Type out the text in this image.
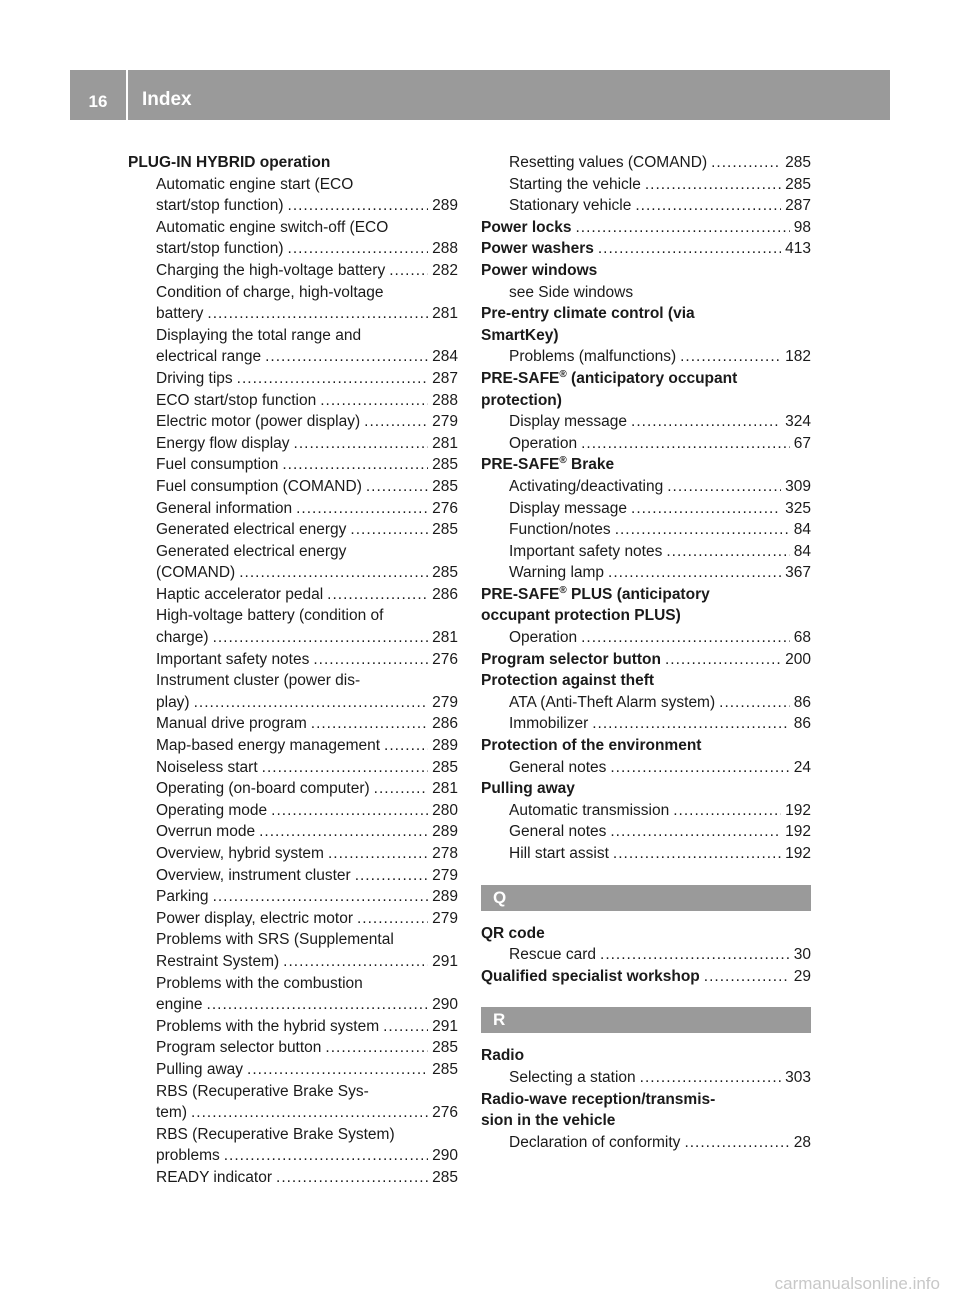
16	Index
PLUG-IN HYBRID operation
Automatic engine start (ECO
start/stop function) .....	289
Automatic engine switch-off (ECO
start/stop function) .....	288
Charging the high-voltage battery .....	282
Condition of charge, high-voltage
battery .....	281
Displaying the total range and
electrical range .....	284
Driving tips .....	287
ECO start/stop function .....	288
Electric motor (power display) .....	279
Energy flow display .....	281
Fuel consumption .....	285
Fuel consumption (COMAND) .....	285
General information .....	276
Generated electrical energy .....	285
Generated electrical energy
(COMAND) .....	285
Haptic accelerator pedal .....	286
High-voltage battery (condition of
charge) .....	281
Important safety notes .....	276
Instrument cluster (power dis-
play) .....	279
Manual drive program .....	286
Map-based energy management .....	289
Noiseless start .....	285
Operating (on-board computer) .....	281
Operating mode .....	280
Overrun mode .....	289
Overview, hybrid system .....	278
Overview, instrument cluster .....	279
Parking .....	289
Power display, electric motor .....	279
Problems with SRS (Supplemental
Restraint System) .....	291
Problems with the combustion
engine .....	290
Problems with the hybrid system .....	291
Program selector button .....	285
Pulling away .....	285
RBS (Recuperative Brake Sys-
tem) .....	276
RBS (Recuperative Brake System)
problems .....	290
READY indicator .....	285
Resetting values (COMAND) .....	285
Starting the vehicle .....	285
Stationary vehicle .....	287
Power locks .....	98
Power washers .....	413
Power windows
see Side windows
Pre-entry climate control (via
SmartKey)
Problems (malfunctions) .....	182
PRE-SAFE® (anticipatory occupant
protection)
Display message .....	324
Operation .....	67
PRE-SAFE® Brake
Activating/deactivating .....	309
Display message .....	325
Function/notes .....	84
Important safety notes .....	84
Warning lamp .....	367
PRE-SAFE® PLUS (anticipatory
occupant protection PLUS)
Operation .....	68
Program selector button .....	200
Protection against theft
ATA (Anti-Theft Alarm system) .....	86
Immobilizer .....	86
Protection of the environment
General notes .....	24
Pulling away
Automatic transmission .....	192
General notes .....	192
Hill start assist .....	192
Q
QR code
Rescue card .....	30
Qualified specialist workshop .....	29
R
Radio
Selecting a station .....	303
Radio-wave reception/transmis-
sion in the vehicle
Declaration of conformity .....	28
carmanualsonline.info
